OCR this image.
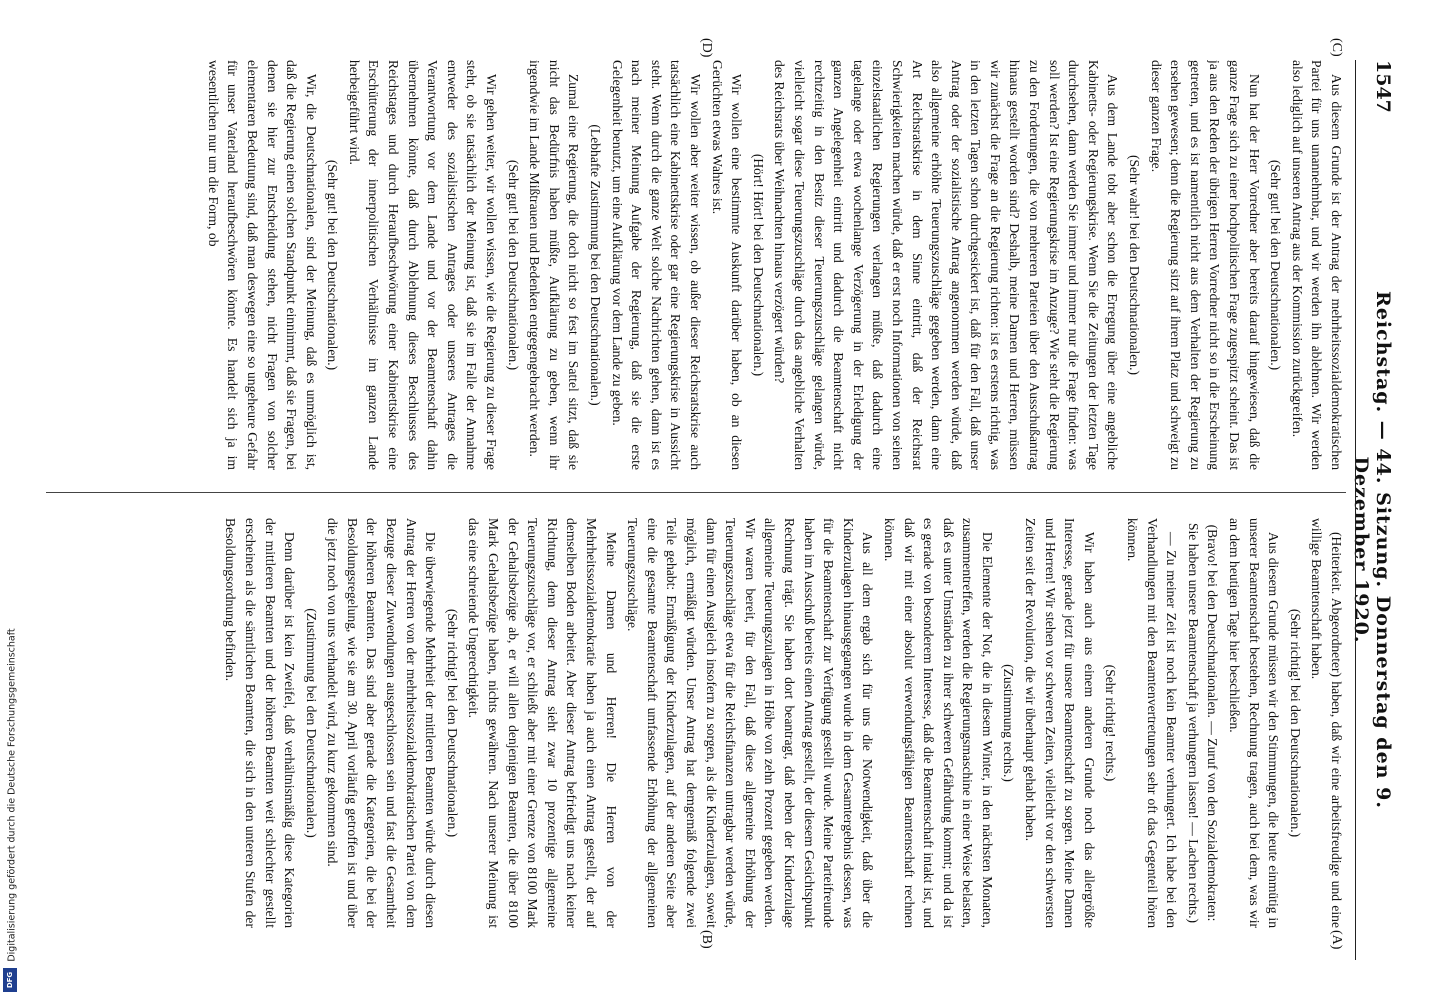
1547
Reichstag. — 44. Sitzung. Donnerstag den 9. Dezember 1920.
(C)
(D)
(A)
(B)

Aus diesem Grunde ist der Antrag der mehrheitssozialdemokratischen Partei für uns unannehmbar, und wir werden ihn ablehnen. Wir werden also lediglich auf unseren Antrag aus der Kommission zurückgreifen.

(Sehr gut! bei den Deutschnationalen.)

Nun hat der Herr Vorredner aber bereits darauf hingewiesen, daß die ganze Frage sich zu einer hochpolitischen Frage zugespitzt scheint. Das ist ja aus den Reden der übrigen Herren Vorredner nicht so in die Erscheinung getreten, und es ist namentlich nicht aus dem Verhalten der Regierung zu ersehen gewesen; denn die Regierung sitzt auf ihrem Platz und schweigt zu dieser ganzen Frage.

(Sehr wahr! bei den Deutschnationalen.)

Aus dem Lande tobt aber schon die Erregung über eine angebliche Kabinetts- oder Regierungskrise. Wenn Sie die Zeitungen der letzten Tage durchsehen, dann werden Sie immer und immer nur die Frage finden: was soll werden? Ist eine Regierungskrise im Anzuge? Wie steht die Regierung zu den Forderungen, die von mehreren Parteien über den Ausschußantrag hinaus gestellt worden sind? Deshalb, meine Damen und Herren, müssen wir zunächst die Frage an die Regierung richten: ist es erstens richtig, was in den letzten Tagen schon durchgesickert ist, daß für den Fall, daß unser Antrag oder der sozialistische Antrag angenommen werden würde, daß also allgemeine erhöhte Teuerungszuschläge gegeben werden, dann eine Art Reichsratskrise in dem Sinne eintritt, daß der Reichsrat Schwierigkeiten machen würde, daß er erst noch Informationen von seinen einzelstaatlichen Regierungen verlangen müßte, daß dadurch eine tagelange oder etwa wochenlange Verzögerung in der Erledigung der ganzen Angelegenheit eintritt und dadurch die Beamtenschaft nicht rechtzeitig in den Besitz dieser Teuerungszuschläge gelangen würde, vielleicht sogar diese Teuerungszuschläge durch das angebliche Verhalten des Reichsrats über Weihnachten hinaus verzögert würden?

(Hört! Hört! bei den Deutschnationalen.)

Wir wollen eine bestimmte Auskunft darüber haben, ob an diesen Gerüchten etwas Wahres ist.

Wir wollen aber weiter wissen, ob außer dieser Reichsratskrise auch tatsächlich eine Kabinettskrise oder gar eine Regierungskrise in Aussicht steht. Wenn durch die ganze Welt solche Nachrichten gehen, dann ist es nach meiner Meinung Aufgabe der Regierung, daß sie die erste Gelegenheit benutzt, um eine Aufklärung vor dem Lande zu geben.

(Lebhafte Zustimmung bei den Deutschnationalen.)

Zumal eine Regierung, die doch nicht so fest im Sattel sitzt, daß sie nicht das Bedürfnis haben müßte, Aufklärung zu geben, wenn ihr irgendwie im Lande Mißtrauen und Bedenken entgegengebracht werden.

(Sehr gut! bei den Deutschnationalen.)

Wir gehen weiter, wir wollen wissen, wie die Regierung zu dieser Frage steht, ob sie tatsächlich der Meinung ist, daß sie im Falle der Annahme entweder des sozialistischen Antrages oder unseres Antrages die Verantwortung vor dem Lande und vor der Beamtenschaft dahin übernehmen könnte, daß durch Ablehnung dieses Beschlusses des Reichstages und durch Heraufbeschwörung einer Kabinettskrise eine Erschütterung der innerpolitischen Verhältnisse im ganzen Lande herbeigeführt wird.

(Sehr gut! bei den Deutschnationalen.)

Wir, die Deutschnationalen, sind der Meinung, daß es unmöglich ist, daß die Regierung einen solchen Standpunkt einnimmt, daß sie Fragen, bei denen sie hier zur Entscheidung stehen, nicht Fragen von solcher elementaren Bedeutung sind, daß man deswegen eine so ungeheure Gefahr für unser Vaterland heraufbeschwören könnte. Es handelt sich ja im wesentlichen nur um die Form, ob

(Heiterkeit. Abgeordneter) haben, daß wir eine arbeitsfreudige und eine willige Beamtenschaft haben.

(Sehr richtig! bei den Deutschnationalen.)

Aus diesem Grunde müssen wir den Stimmungen, die heute einmütig in unserer Beamtenschaft bestehen, Rechnung tragen, auch bei dem, was wir an dem heutigen Tage hier beschließen.

(Bravo! bei den Deutschnationalen. — Zuruf von den Sozialdemokraten: Sie haben unsere Beamtenschaft ja verhungern lassen! — Lachen rechts.)

— Zu meiner Zeit ist noch kein Beamter verhungert. Ich habe bei den Verhandlungen mit den Beamtenvertretungen sehr oft das Gegenteil hören können.

(Sehr richtig! rechts.)

Wir haben auch aus einem anderen Grunde noch das allergrößte Interesse, gerade jetzt für unsere Beamtenschaft zu sorgen. Meine Damen und Herren! Wir stehen vor schweren Zeiten, vielleicht vor den schwersten Zeiten seit der Revolution, die wir überhaupt gehabt haben.

(Zustimmung rechts.)

Die Elemente der Not, die in diesem Winter, in den nächsten Monaten, zusammentreffen, werden die Regierungsmaschine in einer Weise belasten, daß es unter Umständen zu ihrer schweren Gefährdung kommt; und da ist es gerade von besonderem Interesse, daß die Beamtenschaft intakt ist, und daß wir mit einer absolut verwendungsfähigen Beamtenschaft rechnen können.

Aus all dem ergab sich für uns die Notwendigkeit, daß über die Kinderzulagen hinausgegangen wurde in dem Gesamtergebnis dessen, was für die Beamtenschaft zur Verfügung gestellt wurde. Meine Parteifreunde haben im Ausschuß bereits einen Antrag gestellt, der diesem Gesichtspunkt Rechnung trägt. Sie haben dort beantragt, daß neben der Kinderzulage allgemeine Teuerungszulagen in Höhe von zehn Prozent gegeben werden. Wir waren bereit, für den Fall, daß diese allgemeine Erhöhung der Teuerungszuschläge etwa für die Reichsfinanzen untragbar werden würde, dann für einen Ausgleich insofern zu sorgen, als die Kinderzulagen, soweit möglich, ermäßigt würden. Unser Antrag hat demgemäß folgende zwei Teile gehabt: Ermäßigung der Kinderzulagen, auf der anderen Seite aber eine die gesamte Beamtenschaft umfassende Erhöhung der allgemeinen Teuerungszuschläge.

Meine Damen und Herren! Die Herren von der Mehrheitssozialdemokratie haben ja auch einen Antrag gestellt, der auf demselben Boden arbeitet. Aber dieser Antrag befriedigt uns nach keiner Richtung, denn dieser Antrag sieht zwar 10 prozentige allgemeine Teuerungszuschläge vor, er schließt aber mit einer Grenze von 8100 Mark der Gehaltsbezüge ab, er will allen denjenigen Beamten, die über 8100 Mark Gehaltsbezüge haben, nichts gewähren. Nach unserer Meinung ist das eine schreiende Ungerechtigkeit.

(Sehr richtig! bei den Deutschnationalen.)

Die überwiegende Mehrheit der mittleren Beamten würde durch diesen Antrag der Herren von der mehrheitssozialdemokratischen Partei von dem Bezuge dieser Zuwendungen ausgeschlossen sein und fast die Gesamtheit der höheren Beamten. Das sind aber gerade die Kategorien, die bei der Besoldungsregelung, wie sie am 30. April vorläufig getroffen ist und über die jetzt noch von uns verhandelt wird, zu kurz gekommen sind.

(Zustimmung bei den Deutschnationalen.)

Denn darüber ist kein Zweifel, daß verhältnismäßig diese Kategorien der mittleren Beamten und der höheren Beamten weit schlechter gestellt erscheinen als die sämtlichen Beamten, die sich in den unteren Stufen der Besoldungsordnung befinden.

Digitalisierung gefördert durch die Deutsche Forschungsgemeinschaft
DFG
